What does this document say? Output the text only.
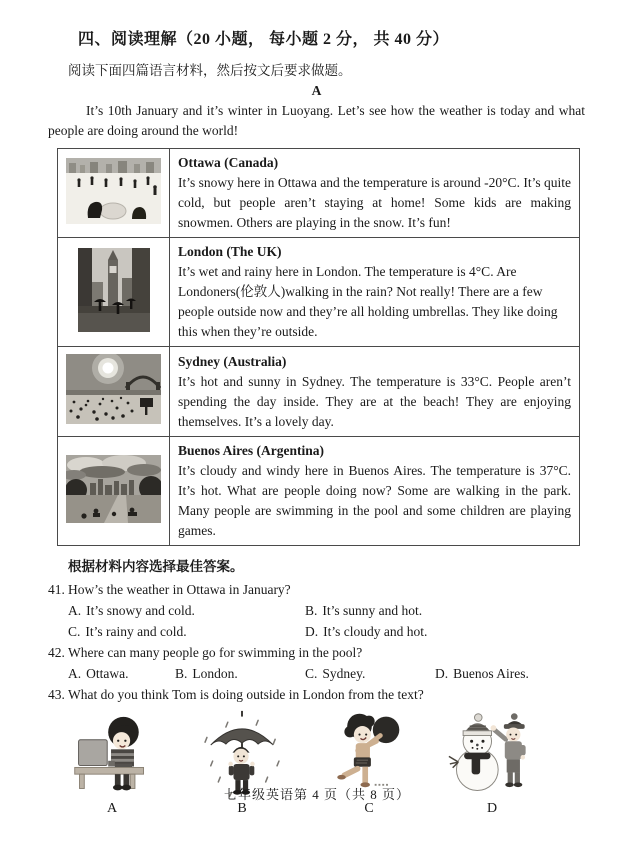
四、阅读理解（20 小题， 每小题 2 分， 共 40 分）
阅读下面四篇语言材料，然后按文后要求做题。
A
It’s 10th January and it’s winter in Luoyang. Let’s see how the weather is today and what people are doing around the world!
	Ottawa (Canada)
It’s snowy here in Ottawa and the temperature is around -20°C. It’s quite cold, but people aren’t staying at home! Some kids are making snowmen. Others are playing in the snow. It’s fun!

	London (The UK)
It’s wet and rainy here in London. The temperature is 4°C. Are Londoners(伦敦人)walking in the rain? Not really! There are a few people outside now and they’re all holding umbrellas. They like doing this when they’re outside.

	Sydney (Australia)
It’s hot and sunny in Sydney. The temperature is 33°C. People aren’t spending the day inside. They are at the beach! They are enjoying themselves. It’s a lovely day.

	Buenos Aires (Argentina)
It’s cloudy and windy here in Buenos Aires. The temperature is 37°C. It’s hot. What are people doing now? Some are walking in the park. Many people are swimming in the pool and some children are playing games.
根据材料内容选择最佳答案。
41. How’s the weather in Ottawa in January?
A. It’s snowy and cold.	B. It’s sunny and hot.
C. It’s rainy and cold.	D. It’s cloudy and hot.
42. Where can many people go for swimming in the pool?
A. Ottawa.	B. London.	C. Sydney.	D. Buenos Aires.
43. What do you think Tom is doing outside in London from the text?
A	B	C	D
七年级英语第 4 页（共 8 页）
